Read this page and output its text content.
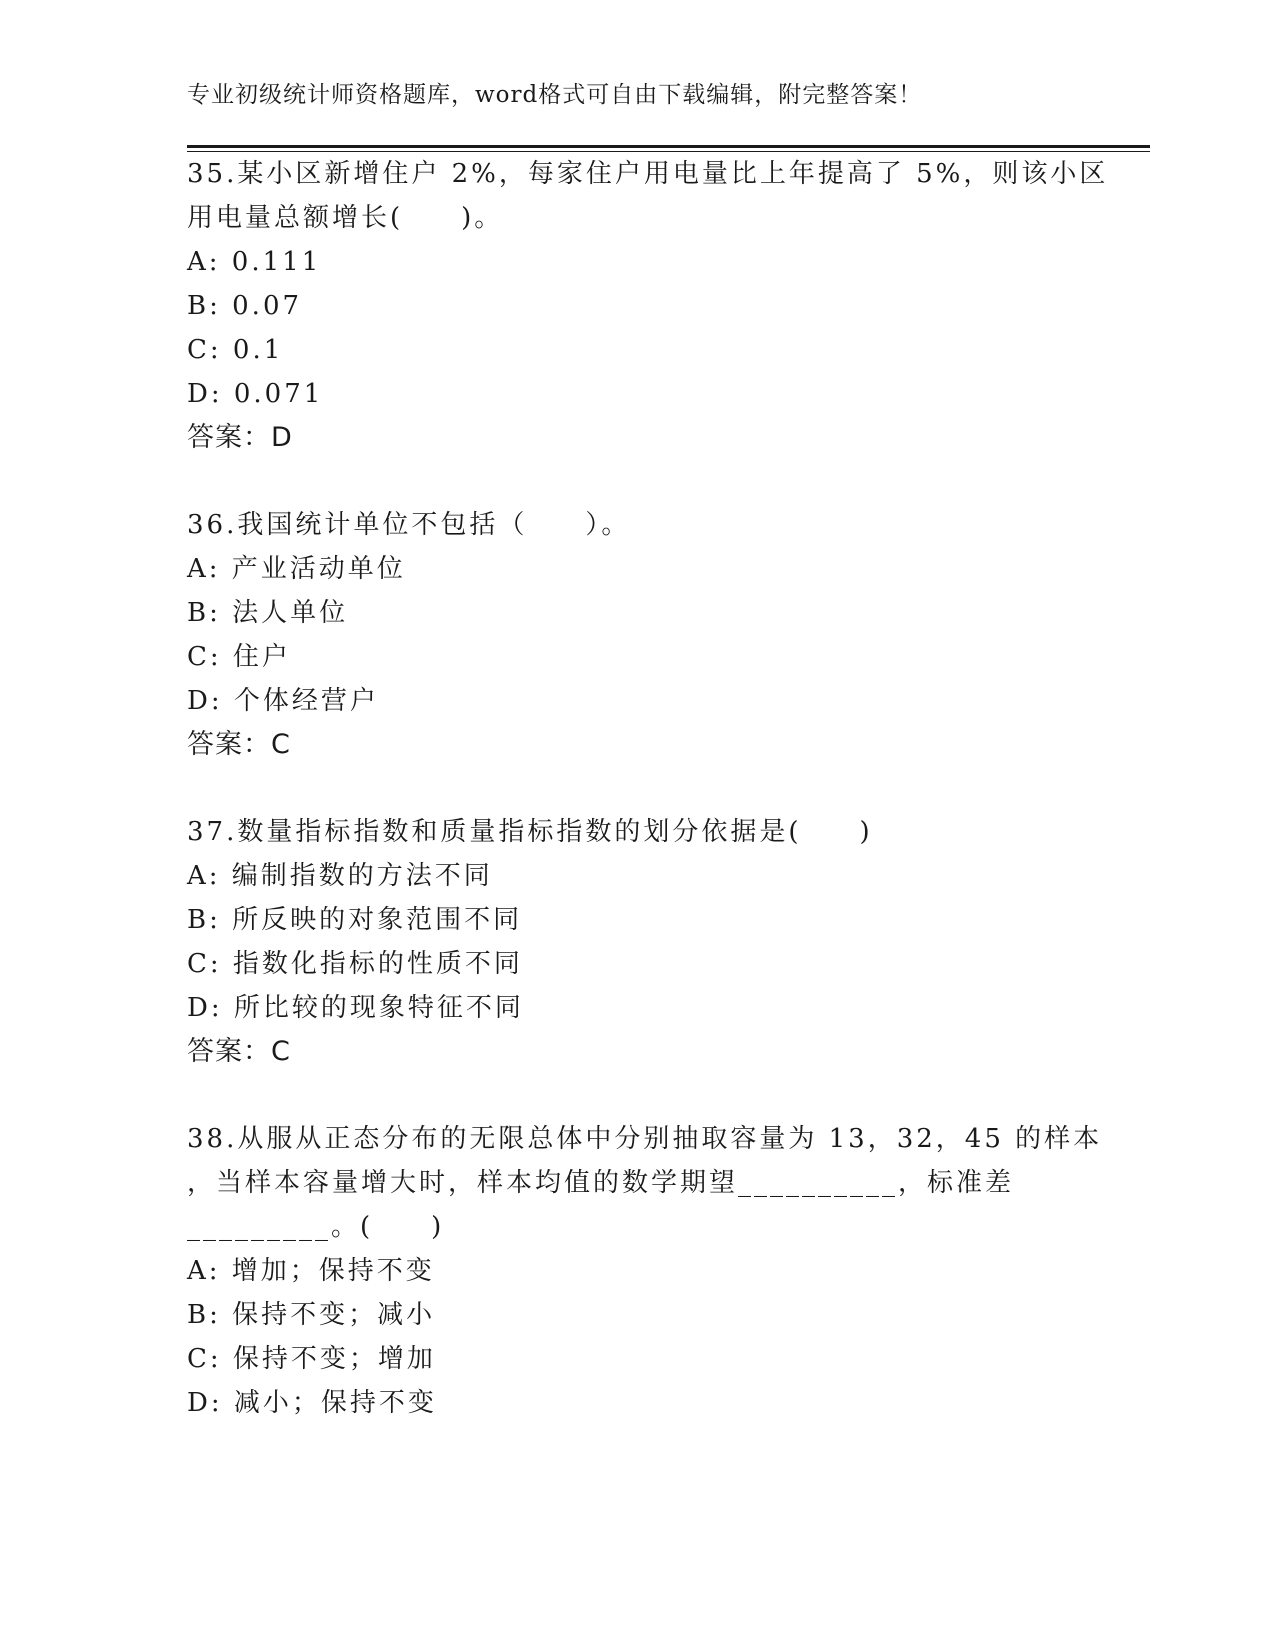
专业初级统计师资格题库，word格式可自由下载编辑，附完整答案！
35.某小区新增住户 2%，每家住户用电量比上年提高了 5%，则该小区
用电量总额增长(　　)。
A: 0.111
B: 0.07
C: 0.1
D: 0.071
答案：D
36.我国统计单位不包括（　　）。
A: 产业活动单位
B: 法人单位
C: 住户
D: 个体经营户
答案：C
37.数量指标指数和质量指标指数的划分依据是(　　)
A: 编制指数的方法不同
B: 所反映的对象范围不同
C: 指数化指标的性质不同
D: 所比较的现象特征不同
答案：C
38.从服从正态分布的无限总体中分别抽取容量为 13，32，45 的样本
，当样本容量增大时，样本均值的数学期望__________，标准差
_________。(　　)
A: 增加；保持不变
B: 保持不变；减小
C: 保持不变；增加
D: 减小；保持不变
